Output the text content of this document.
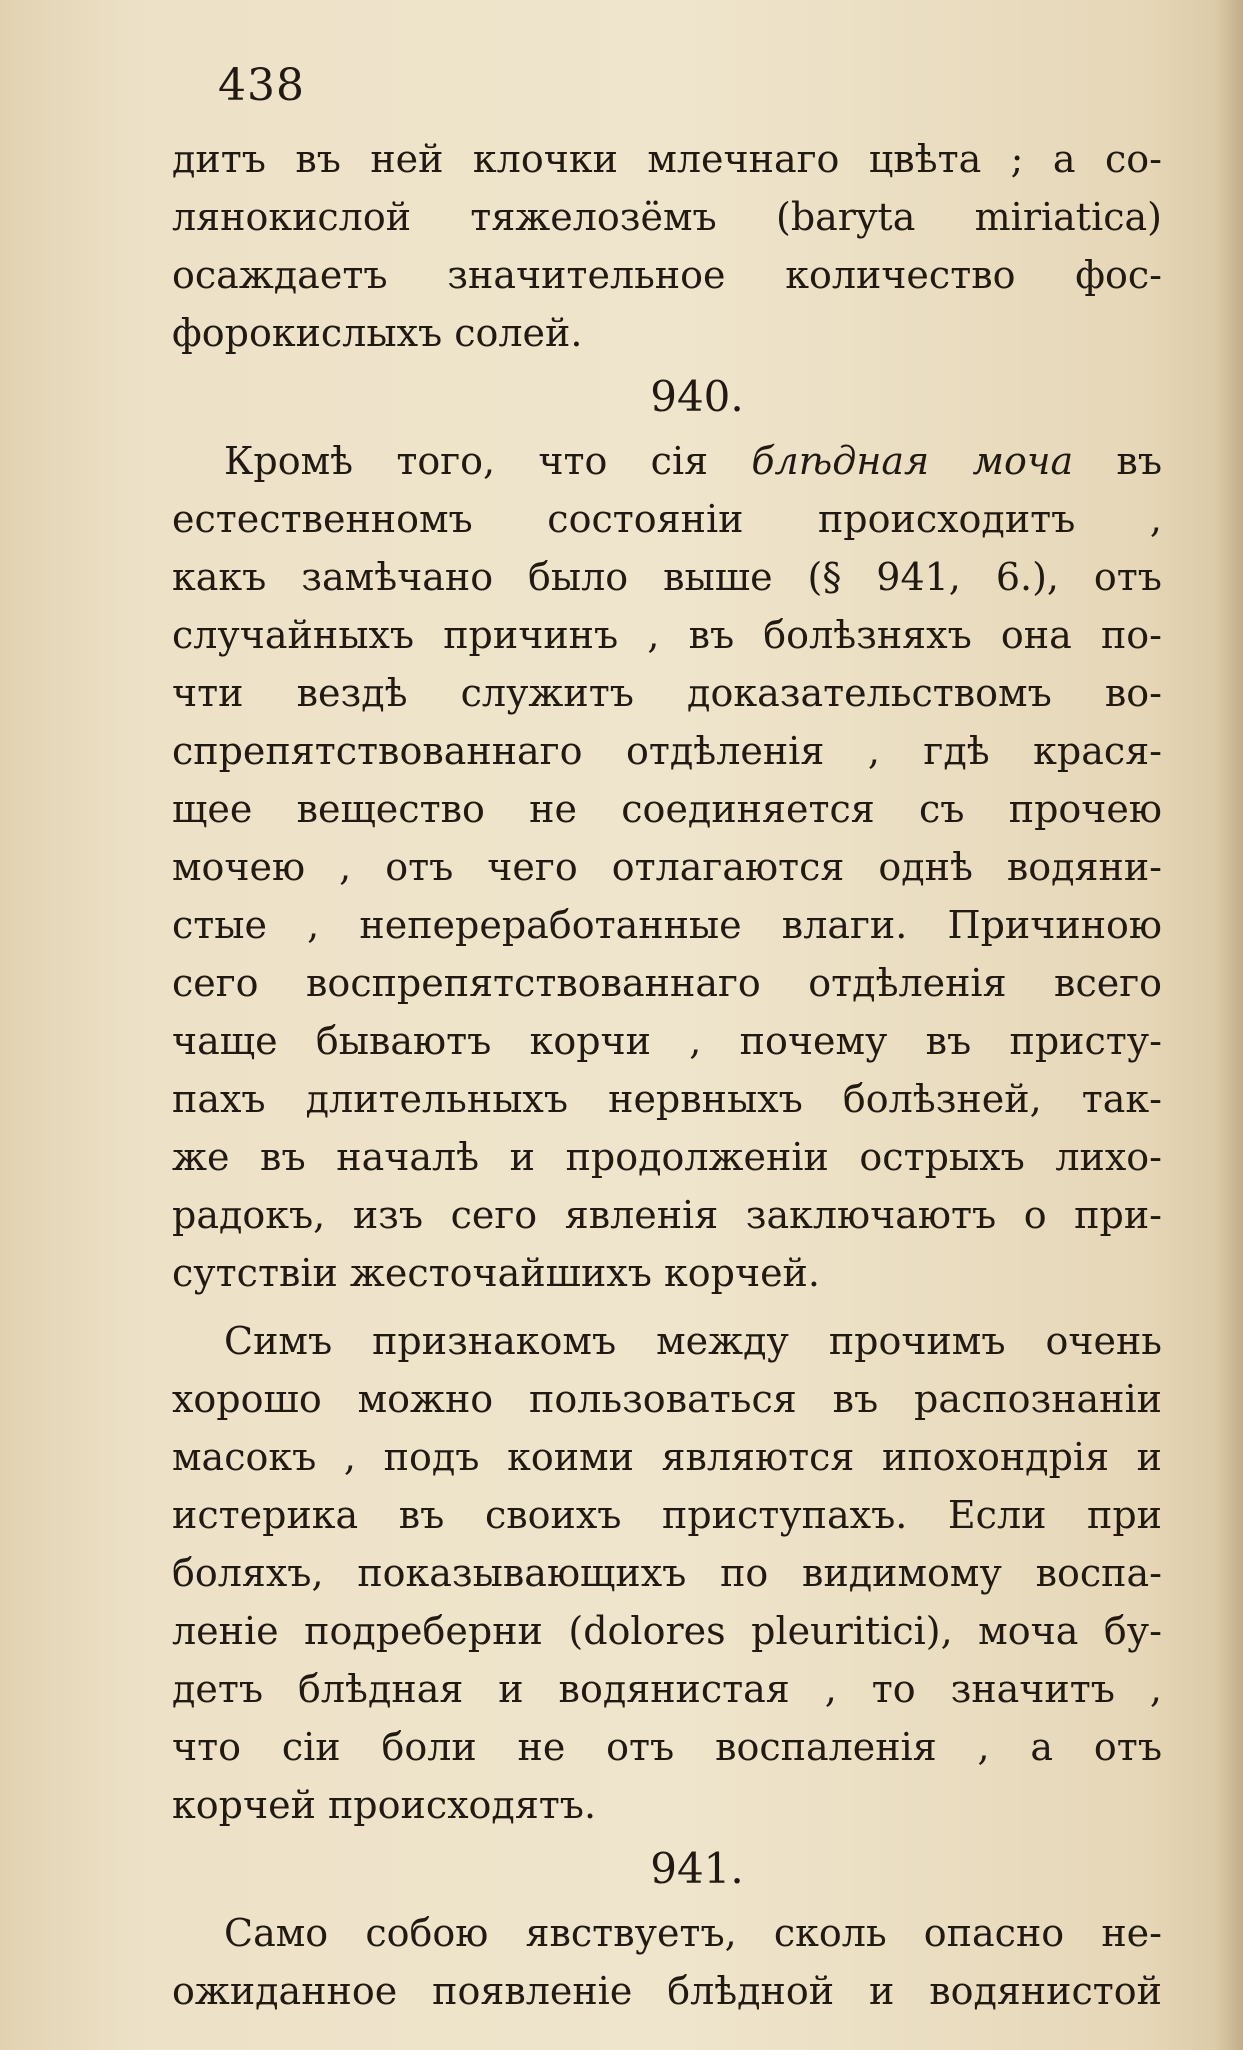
438
дитъ въ ней клочки млечнаго цвѣта ; а со-
лянокислой тяжелозёмъ (baryta miriatica)
осаждаетъ значительное количество фос-
форокислыхъ солей.
940.
Кромѣ того, что сія блѣдная моча въ
естественномъ состояніи происходитъ ,
какъ замѣчано было выше (§ 941, 6.), отъ
случайныхъ причинъ , въ болѣзняхъ она по-
чти вездѣ служитъ доказательствомъ во-
спрепятствованнаго отдѣленія , гдѣ крася-
щее вещество не соединяется съ прочею
мочею , отъ чего отлагаются однѣ водяни-
стые , непереработанные влаги. Причиною
сего воспрепятствованнаго отдѣленія всего
чаще бываютъ корчи , почему въ присту-
пахъ длительныхъ нервныхъ болѣзней, так-
же въ началѣ и продолженіи острыхъ лихо-
радокъ, изъ сего явленія заключаютъ о при-
сутствіи жесточайшихъ корчей.
Симъ признакомъ между прочимъ очень
хорошо можно пользоваться въ распознаніи
масокъ , подъ коими являются ипохондрія и
истерика въ своихъ приступахъ. Если при
боляхъ, показывающихъ по видимому воспа-
леніе подреберни (dolores pleuritici), моча бу-
детъ блѣдная и водянистая , то значитъ ,
что сіи боли не отъ воспаленія , а отъ
корчей происходятъ.
941.
Само собою явствуетъ, сколь опасно не-
ожиданное появленіе блѣдной и водянистой
